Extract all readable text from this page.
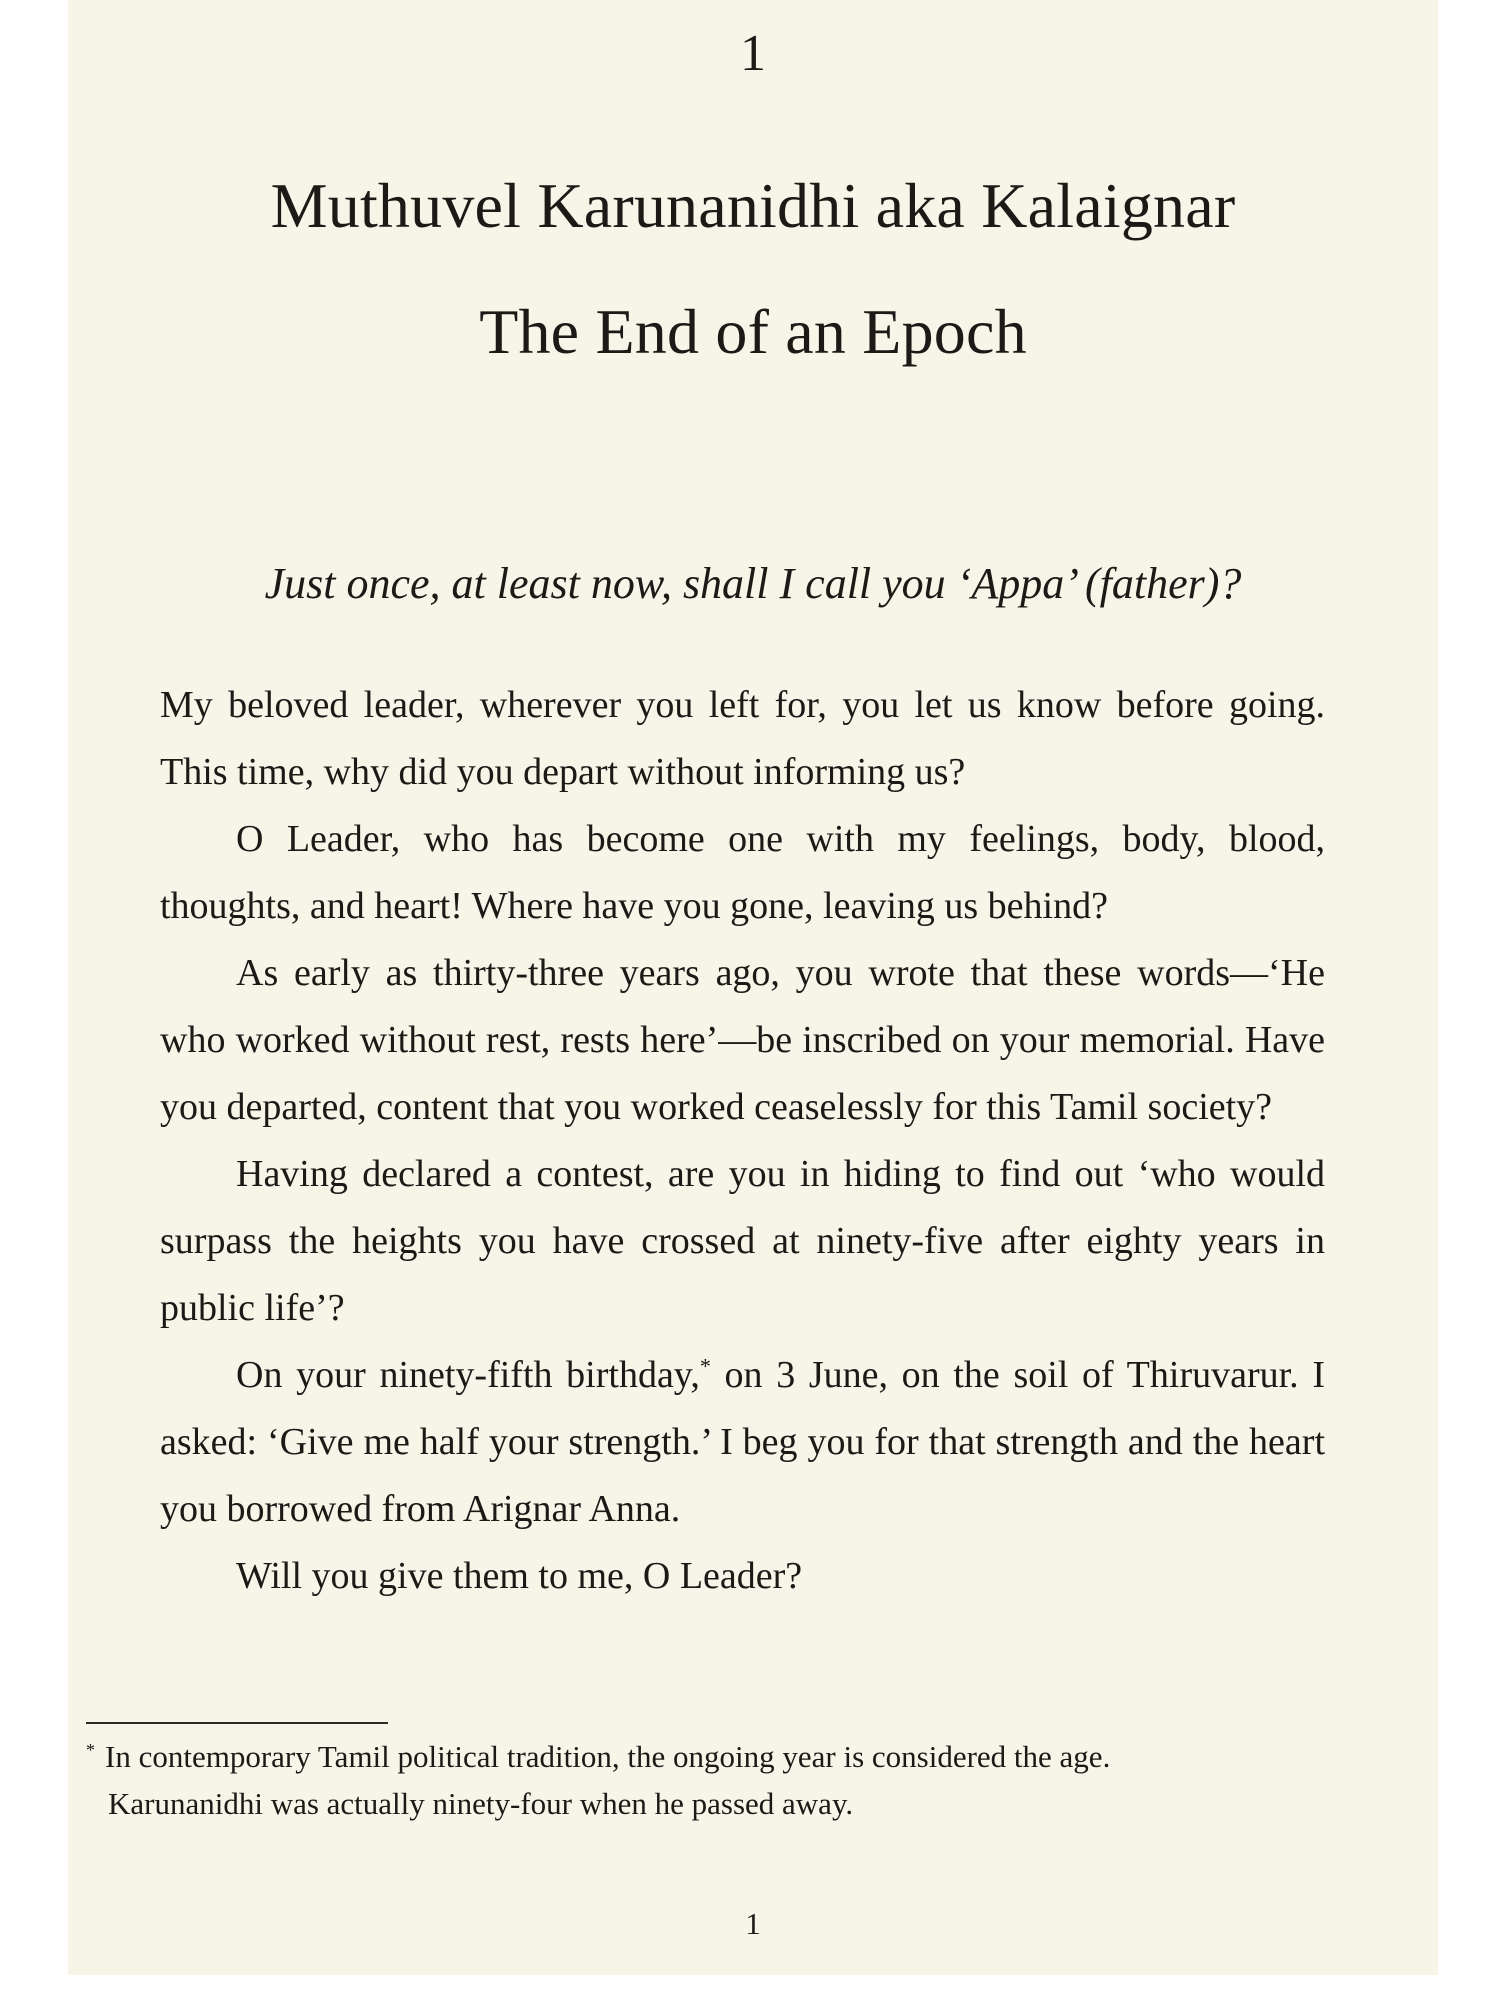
1
Muthuvel Karunanidhi aka Kalaignar
The End of an Epoch
Just once, at least now, shall I call you ‘Appa’ (father)?

My beloved leader, wherever you left for, you let us know before going. This time, why did you depart without informing us?

O Leader, who has become one with my feelings, body, blood, thoughts, and heart! Where have you gone, leaving us behind?

As early as thirty-three years ago, you wrote that these words—‘He who worked without rest, rests here’—be inscribed on your memorial. Have you departed, content that you worked ceaselessly for this Tamil society?

Having declared a contest, are you in hiding to find out ‘who would surpass the heights you have crossed at ninety-five after eighty years in public life’?

On your ninety-fifth birthday,* on 3 June, on the soil of Thiruvarur. I asked: ‘Give me half your strength.’ I beg you for that strength and the heart you borrowed from Arignar Anna.

Will you give them to me, O Leader?

* In contemporary Tamil political tradition, the ongoing year is considered the age.

Karunanidhi was actually ninety-four when he passed away.

1
